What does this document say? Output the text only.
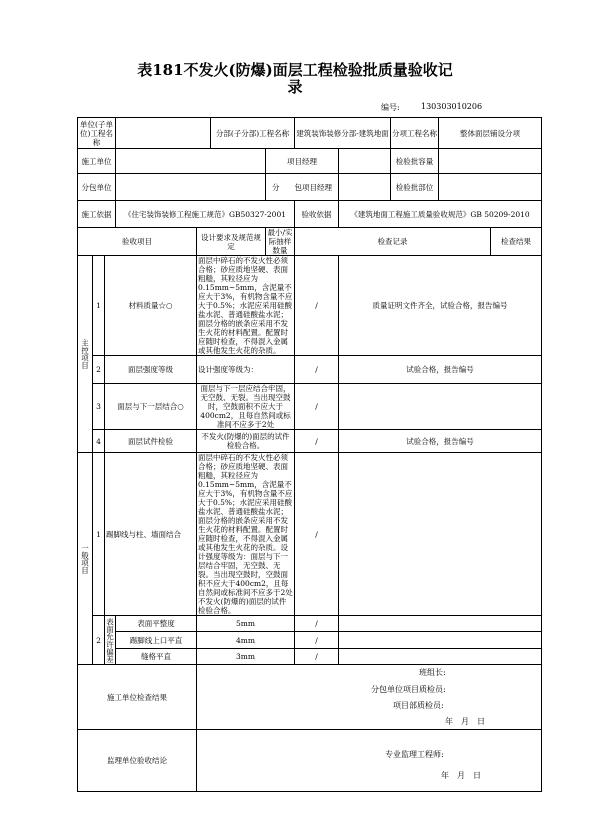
表181不发火(防爆)面层工程检验批质量验收记
录
编号:	130303010206
单位(子单位)工程名称					分部(子分部)工程名称		建筑装饰装修分部-建筑地面		分项工程名称	整体面层铺设分项		
施工单位						项目经理			检验批容量			
分包单位						分　　包项目经理			检验批部位			
施工依据			《住宅装饰装修工程施工规范》GB50327-2001				验收依据	《建筑地面工程施工质量验收规范》GB 50209-2010				
验收项目				设计要求及规范规定		最小/实际抽样数量	检查记录				检查结果	
主控项目	1	材料质量☆○		面层中碎石的不发火性必须合格；砂应质地坚硬、表面粗糙，其粒径应为0.15mm~5mm，含泥量不应大于3%，有机物含量不应大于0.5%；水泥应采用硅酸盐水泥、普通硅酸盐水泥；面层分格的嵌条应采用不发生火花的材料配置。配置时应随时检查，不得混入金属或其他发生火花的杂质。			/	质量证明文件齐全，试验合格，报告编号				
	2	面层强度等级		设计强度等级为：			/	试验合格，报告编号				
	3	面层与下一层结合○		面层与下一层应结合牢固，无空鼓、无裂。当出现空鼓时，空鼓面积不应大于400cm2，且每自然间或标准间不应多于2处			/					
	4	面层试件检验		不发火(防爆的)面层的试件检验合格。			/	试验合格，报告编号				
一般项目	1	踢脚线与柱、墙面结合		面层中碎石的不发火性必须合格；砂应质地坚硬、表面粗糙，其粒径应为0.15mm~5mm，含泥量不应大于3%，有机物含量不应大于0.5%；水泥应采用硅酸盐水泥、普通硅酸盐水泥；面层分格的嵌条应采用不发生火花的材料配置。配置时应随时检查，不得混入金属或其他发生火花的杂质。设计强度等级为：面层与下一层结合牢固，无空鼓、无裂。当出现空鼓时，空鼓面积不应大于400cm2，且每自然间或标准间不应多于2处不发火(防爆的)面层的试件检验合格。			/					
	2	表面允许偏差	表面平整度	5mm			/					
			踢脚线上口平直	4mm			/					
			缝格平直	3mm			/					
施工单位检查结果				班组长:
分包单位项目质检员:
项目部质检员:
年　月　日								

监理单位验收结论				专业监理工程师:
年　月　日								
